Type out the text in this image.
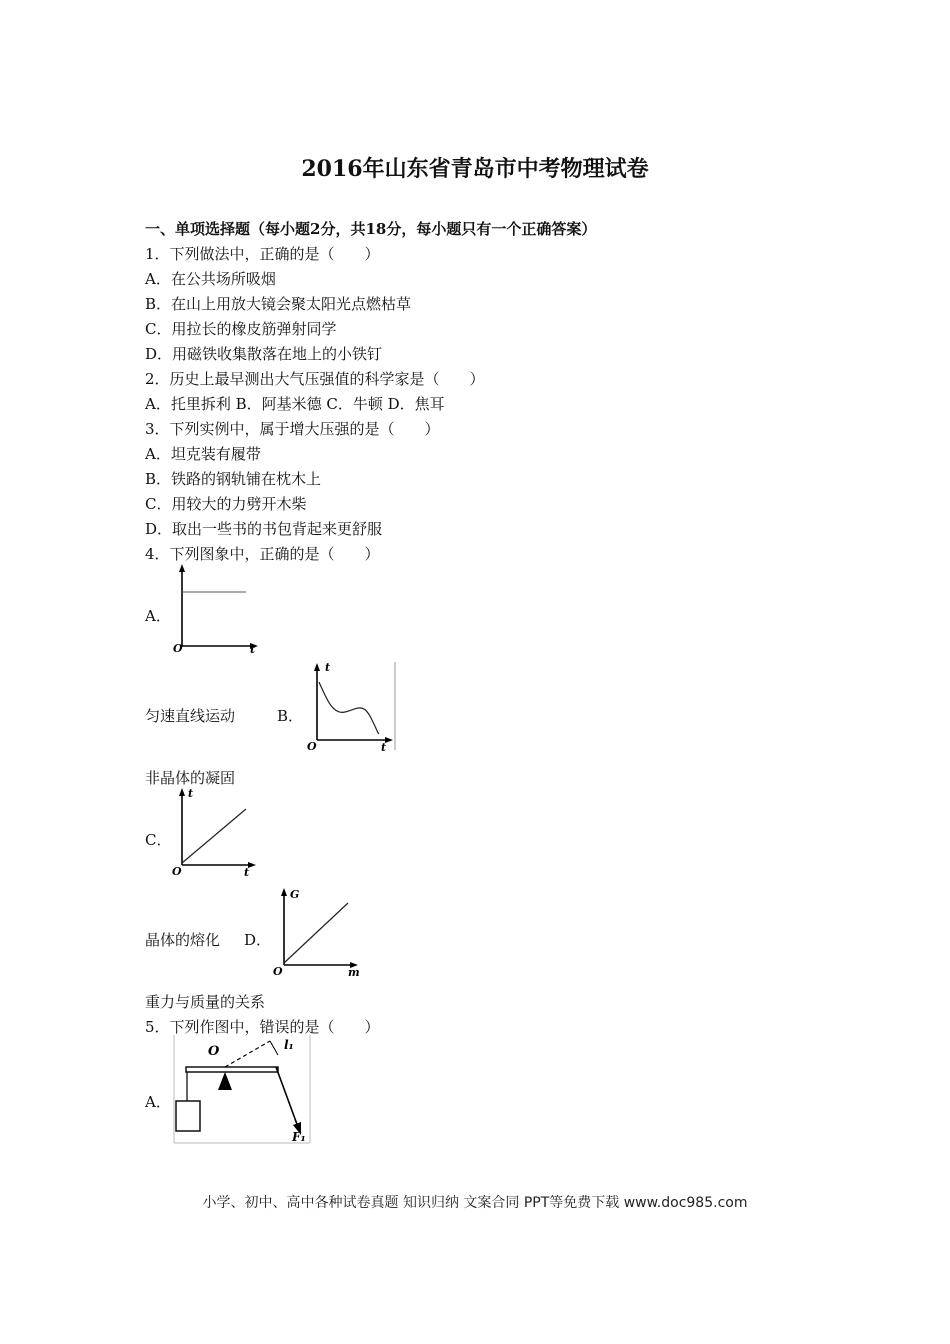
2016年山东省青岛市中考物理试卷
一、单项选择题（每小题2分，共18分，每小题只有一个正确答案）
1．下列做法中，正确的是（　　）
A．在公共场所吸烟
B．在山上用放大镜会聚太阳光点燃枯草
C．用拉长的橡皮筋弹射同学
D．用磁铁收集散落在地上的小铁钉
2．历史上最早测出大气压强值的科学家是（　　）
A．托里拆利 B．阿基米德 C．牛顿 D．焦耳
3．下列实例中，属于增大压强的是（　　）
A．坦克装有履带
B．铁路的钢轨铺在枕木上
C．用较大的力劈开木柴
D．取出一些书的书包背起来更舒服
4．下列图象中，正确的是（　　）
A．
O	t
匀速直线运动	B．
t
O	t
非晶体的凝固
C．
t
O	t
晶体的熔化 D．
G
O	m
重力与质量的关系
5．下列作图中，错误的是（　　）
A．
O	l₁
F₁
小学、初中、高中各种试卷真题 知识归纳 文案合同 PPT等免费下载 www.doc985.com
